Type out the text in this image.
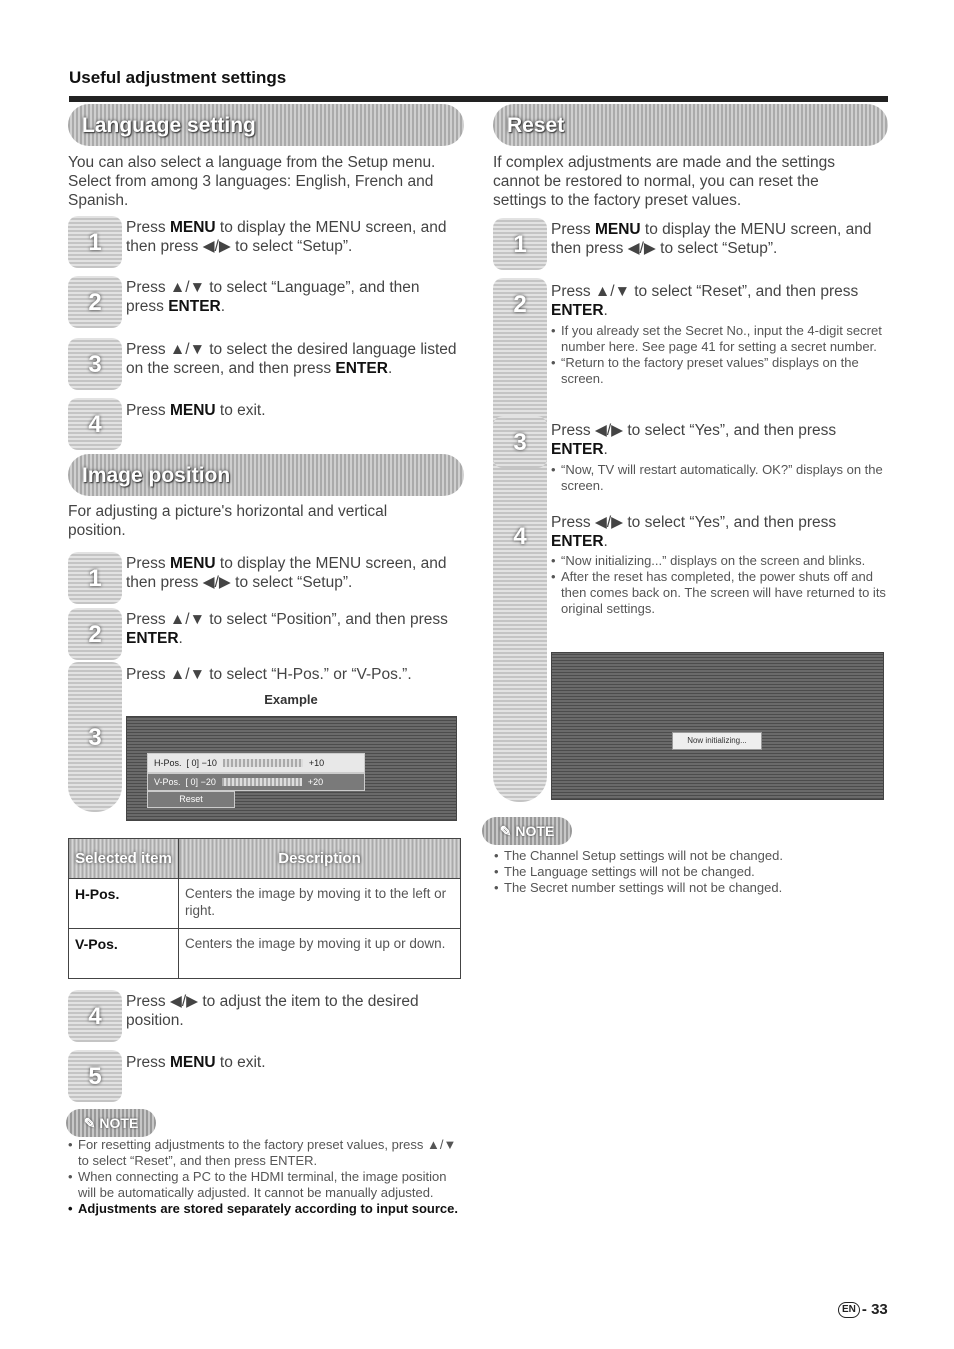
Useful adjustment settings
Language setting

You can also select a language from the Setup menu. Select from among 3 languages: English, French and Spanish.

1

Press MENU to display the MENU screen, and then press ◀/▶ to select “Setup”.

2

Press ▲/▼ to select “Language”, and then press ENTER.

3

Press ▲/▼ to select the desired language listed on the screen, and then press ENTER.

4	Press MENU to exit.

Image position

For adjusting a picture's horizontal and vertical position.

1

Press MENU to display the MENU screen, and then press ◀/▶ to select “Setup”.

2

Press ▲/▼ to select “Position”, and then press ENTER.

3

Press ▲/▼ to select “H-Pos.” or “V-Pos.”.

Example
H-Pos.
[ 0]
−10	+10
V-Pos.
[ 0]
−20	+20
Reset
Selected item	Description
H-Pos.	Centers the image by moving it to the left or right.
V-Pos.	Centers the image by moving it up or down.
4

Press ◀/▶ to adjust the item to the desired position.

5	Press MENU to exit.

✎ NOTE
• For resetting adjustments to the factory preset values, press ▲/▼ to select “Reset”, and then press ENTER.
• When connecting a PC to the HDMI terminal, the image position will be automatically adjusted. It cannot be manually adjusted.
• Adjustments are stored separately according to input source.
Reset

If complex adjustments are made and the settings cannot be restored to normal, you can reset the settings to the factory preset values.

1

Press MENU to display the MENU screen, and then press ◀/▶ to select “Setup”.

2	Press ▲/▼ to select “Reset”, and then press ENTER.

• If you already set the Secret No., input the 4-digit secret number here. See page 41 for setting a secret number.
• “Return to the factory preset values” displays on the screen.
3	Press ◀/▶ to select “Yes”, and then press ENTER.

• “Now, TV will restart automatically. OK?” displays on the screen.
4	Press ◀/▶ to select “Yes”, and then press ENTER.

• “Now initializing...” displays on the screen and blinks.
• After the reset has completed, the power shuts off and then comes back on. The screen will have returned to its original settings.
Now initializing...
✎ NOTE
• The Channel Setup settings will not be changed.
• The Language settings will not be changed.
• The Secret number settings will not be changed.
EN - 33
